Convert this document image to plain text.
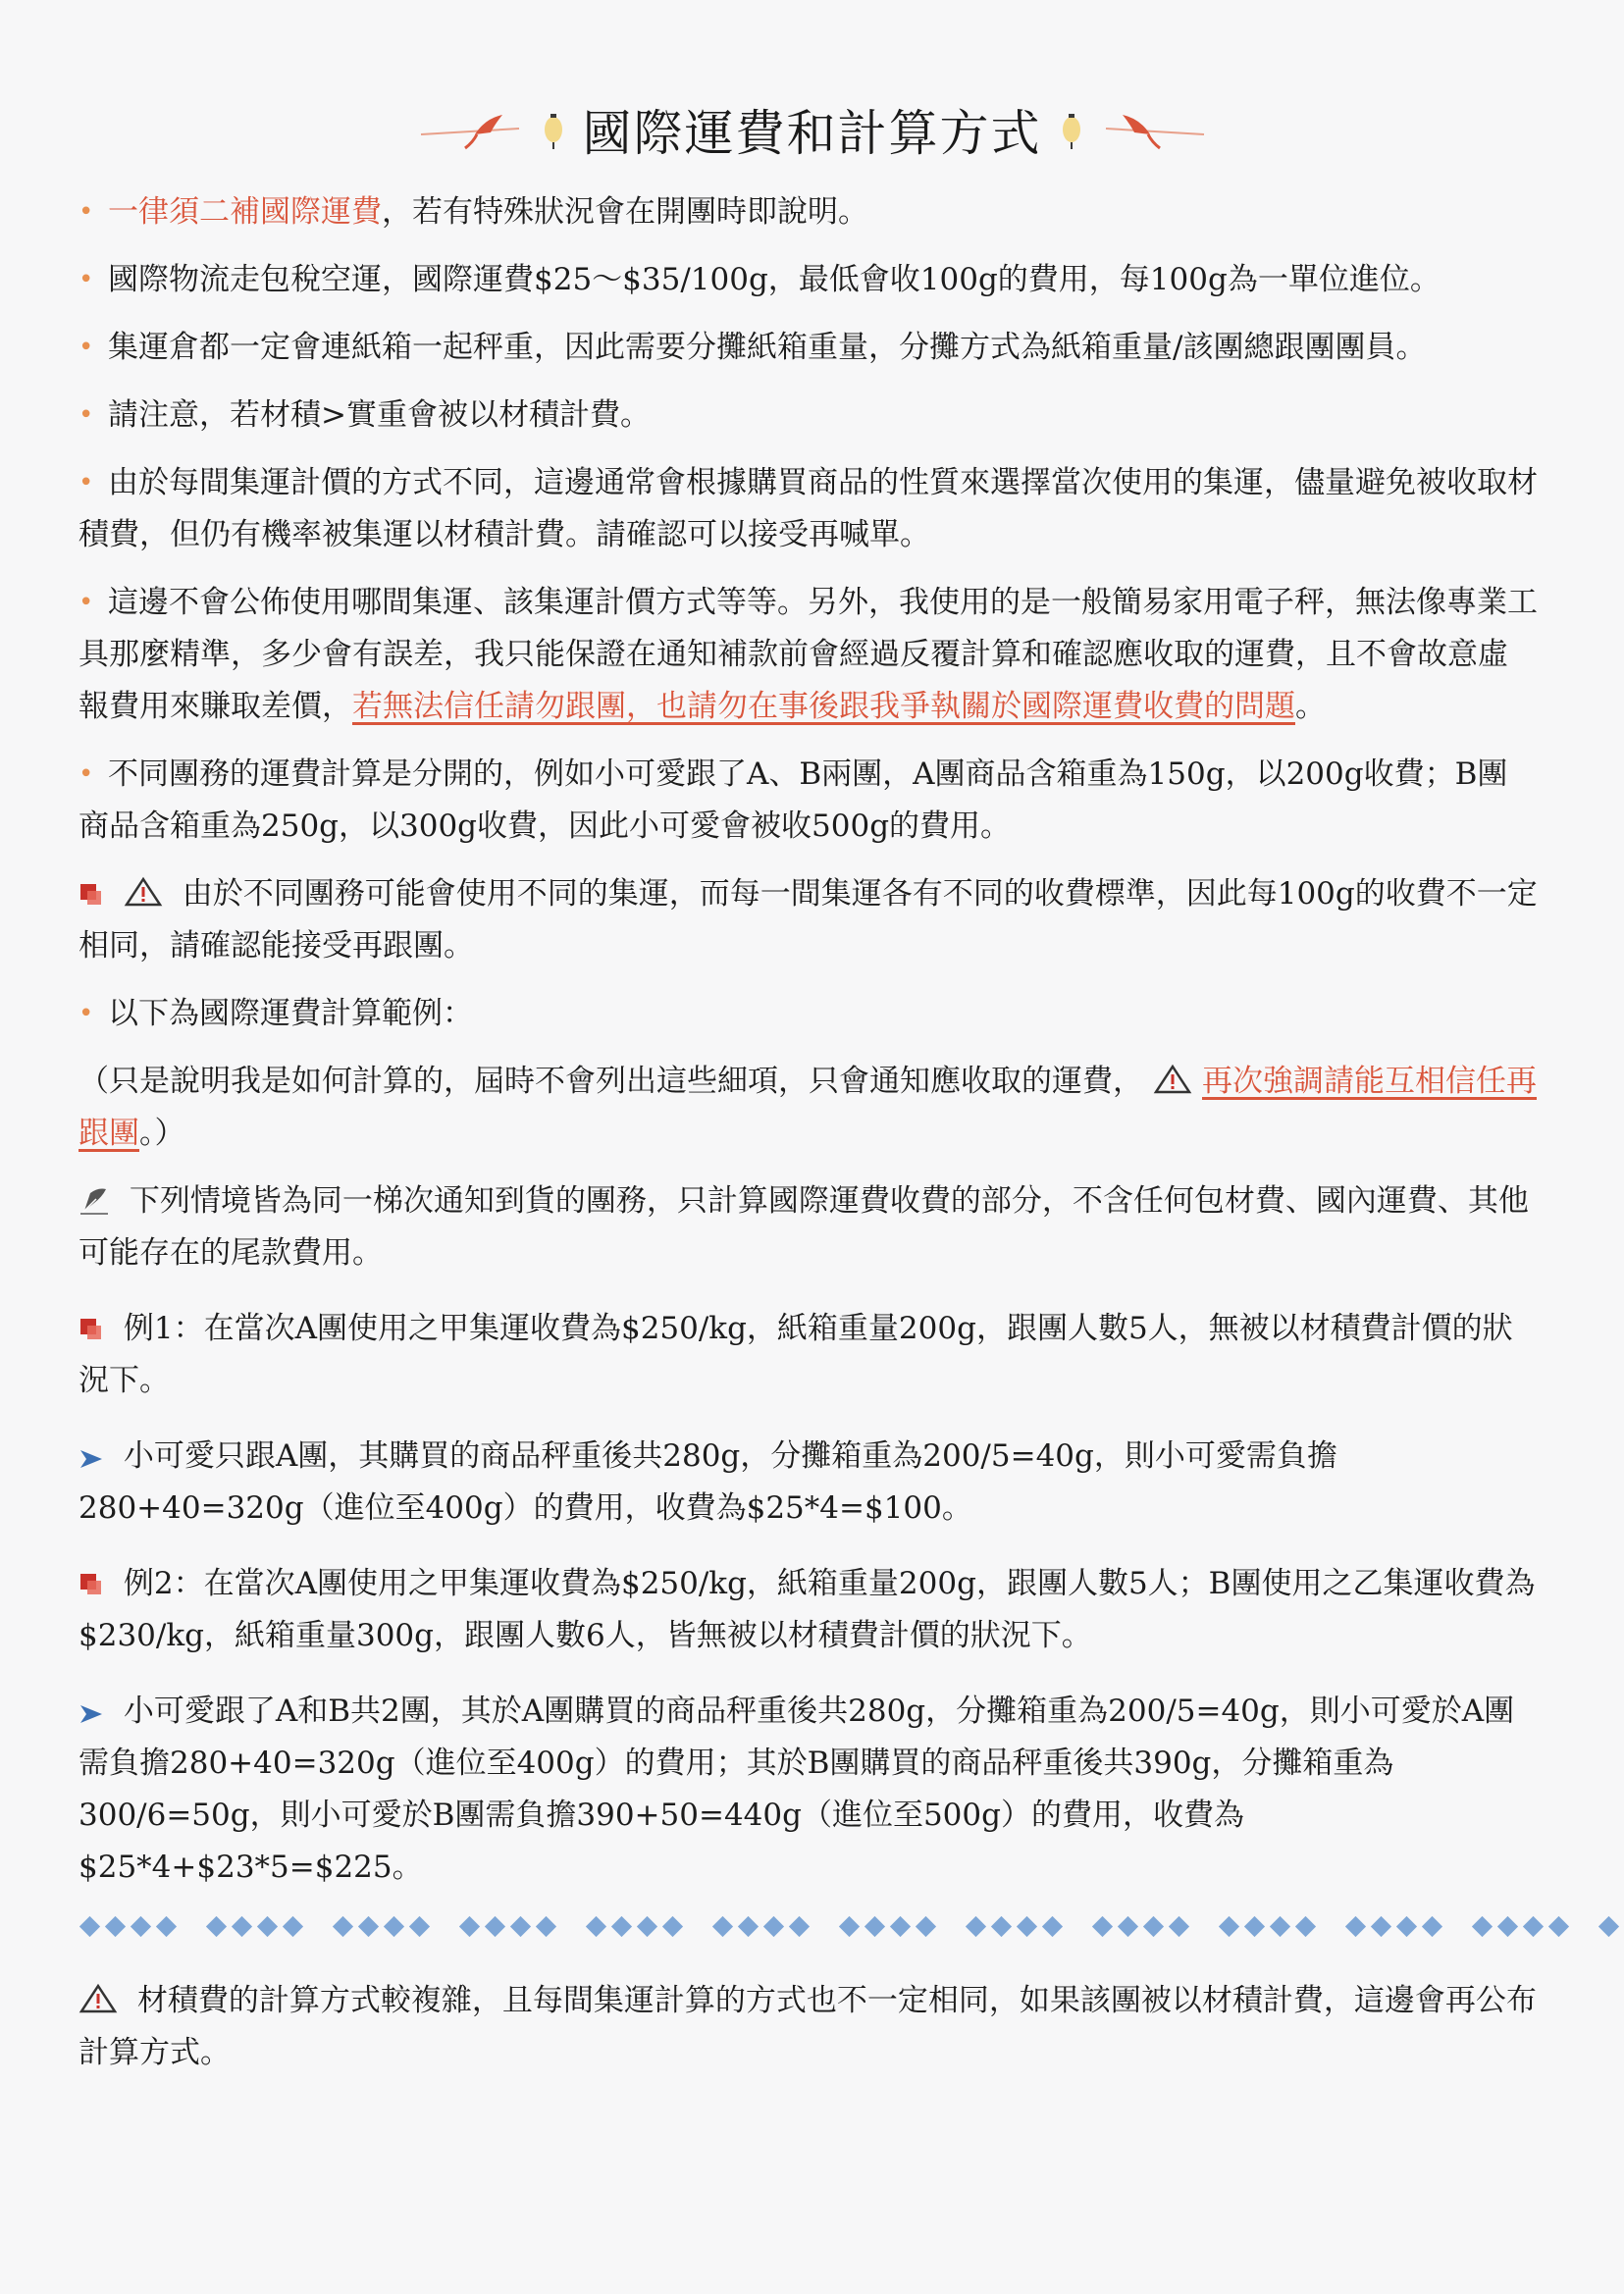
國際運費和計算方式

• 一律須二補國際運費，若有特殊狀況會在開團時即說明。

• 國際物流走包稅空運，國際運費$25～$35/100g，最低會收100g的費用，每100g為一單位進位。

• 集運倉都一定會連紙箱一起秤重，因此需要分攤紙箱重量，分攤方式為紙箱重量/該團總跟團團員。

• 請注意，若材積>實重會被以材積計費。

• 由於每間集運計價的方式不同，這邊通常會根據購買商品的性質來選擇當次使用的集運，儘量避免被收取材積費，但仍有機率被集運以材積計費。請確認可以接受再喊單。

• 這邊不會公佈使用哪間集運、該集運計價方式等等。另外，我使用的是一般簡易家用電子秤，無法像專業工具那麼精準，多少會有誤差，我只能保證在通知補款前會經過反覆計算和確認應收取的運費，且不會故意虛報費用來賺取差價，若無法信任請勿跟團，也請勿在事後跟我爭執關於國際運費收費的問題。

• 不同團務的運費計算是分開的，例如小可愛跟了A、B兩團，A團商品含箱重為150g，以200g收費；B團商品含箱重為250g，以300g收費，因此小可愛會被收500g的費用。

由於不同團務可能會使用不同的集運，而每一間集運各有不同的收費標準，因此每100g的收費不一定相同，請確認能接受再跟團。

• 以下為國際運費計算範例：

（只是說明我是如何計算的，屆時不會列出這些細項，只會通知應收取的運費， 再次強調請能互相信任再跟團。）

下列情境皆為同一梯次通知到貨的團務，只計算國際運費收費的部分，不含任何包材費、國內運費、其他可能存在的尾款費用。

例1：在當次A團使用之甲集運收費為$250/kg，紙箱重量200g，跟團人數5人，無被以材積費計價的狀況下。

小可愛只跟A團，其購買的商品秤重後共280g，分攤箱重為200/5=40g，則小可愛需負擔280+40=320g（進位至400g）的費用，收費為$25*4=$100。

例2：在當次A團使用之甲集運收費為$250/kg，紙箱重量200g，跟團人數5人；B團使用之乙集運收費為$230/kg，紙箱重量300g，跟團人數6人，皆無被以材積費計價的狀況下。

小可愛跟了A和B共2團，其於A團購買的商品秤重後共280g，分攤箱重為200/5=40g，則小可愛於A團需負擔280+40=320g（進位至400g）的費用；其於B團購買的商品秤重後共390g，分攤箱重為300/6=50g，則小可愛於B團需負擔390+50=440g（進位至500g）的費用，收費為$25*4+$23*5=$225。

材積費的計算方式較複雜，且每間集運計算的方式也不一定相同，如果該團被以材積計費，這邊會再公布計算方式。
